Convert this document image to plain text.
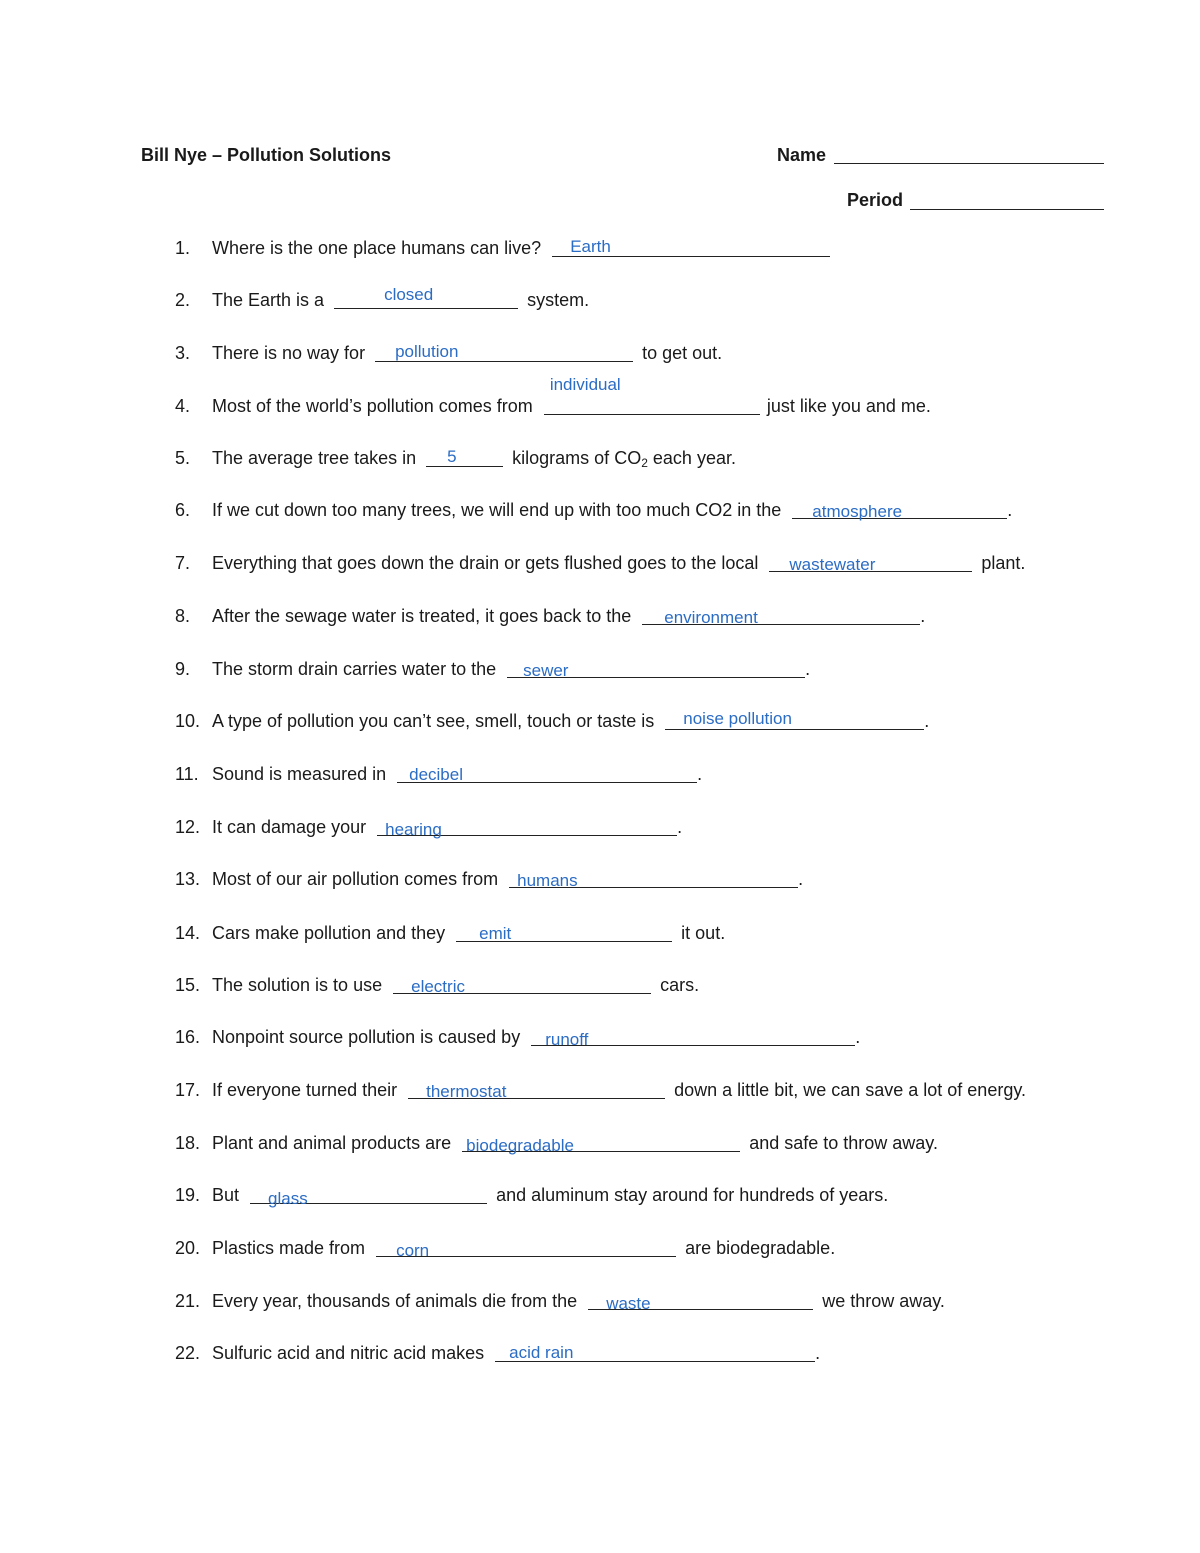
Bill Nye – Pollution Solutions	Name
Period
1. Where is the one place humans can live? Earth
2. The Earth is a	closed	system.
3. There is no way for pollution	to get out.
4. Most of the world’s pollution comes from
individual
just like you and me.
5. The average tree takes in 5	kilograms of $CO_2$ each year.
6. If we cut down too many trees, we will end up with too much CO2 in the atmosphere	.
7. Everything that goes down the drain or gets flushed goes to the local wastewater	plant.
8. After the sewage water is treated, it goes back to the environment	.
9. The storm drain carries water to the sewer	.
10. A type of pollution you can’t see, smell, touch or taste is noise pollution	.
11. Sound is measured in decibel	.
12. It can damage your hearing	.
13. Most of our air pollution comes from humans	.
14. Cars make pollution and they emit	it out.
15. The solution is to use electric	cars.
16. Nonpoint source pollution is caused by runoff	.
17. If everyone turned their thermostat	down a little bit, we can save a lot of energy.
18. Plant and animal products are biodegradable	and safe to throw away.
19. But glass	and aluminum stay around for hundreds of years.
20. Plastics made from corn	are biodegradable.
21. Every year, thousands of animals die from the waste	we throw away.
22. Sulfuric acid and nitric acid makes acid rain	.
